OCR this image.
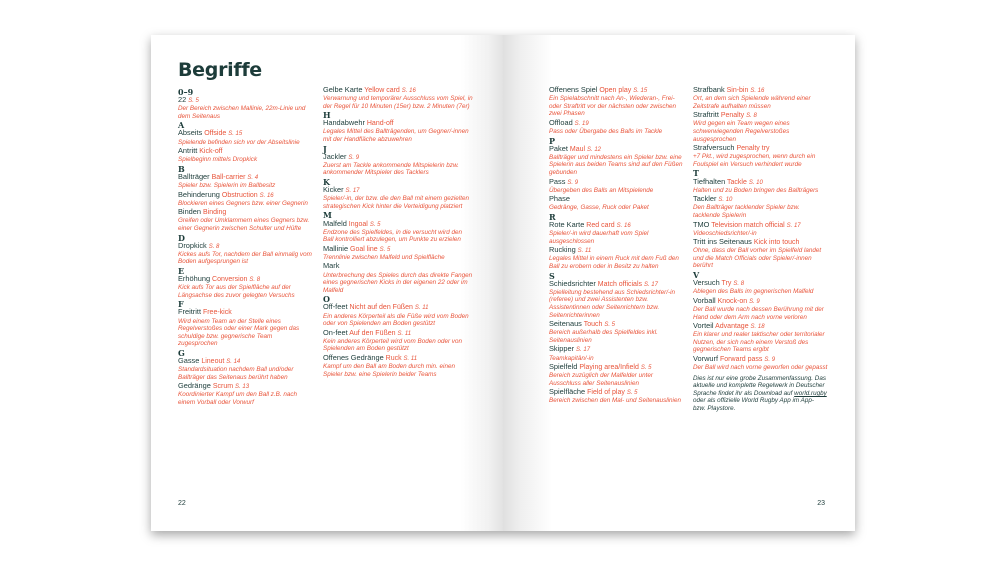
Begriffe
0–9
22 S. 5
Der Bereich zwischen Mallinie, 22m-Linie und dem Seitenaus
A
Abseits Offside S. 15
Spielende befinden sich vor der Abseitslinie
Antritt Kick-off
Spielbeginn mittels Dropkick
B
Ballträger Ball-carrier S. 4
Spieler bzw. Spielerin im Ballbesitz
Behinderung Obstruction S. 16
Blockieren eines Gegners bzw. einer Gegnerin
Binden Binding
Greifen oder Umklammern eines Gegners bzw. einer Gegnerin zwischen Schulter und Hüfte
D
Dropkick S. 8
Kickes aufs Tor, nachdem der Ball einmalig vom Boden aufgesprungen ist
E
Erhöhung Conversion S. 8
Kick aufs Tor aus der Spielfläche auf der Längsachse des zuvor gelegten Versuchs
F
Freitritt Free-kick
Wird einem Team an der Stelle eines Regelverstoßes oder einer Mark gegen das schuldige bzw. gegnerische Team zugesprochen
G
Gasse Lineout S. 14
Standardsituation nachdem Ball und/oder Ballträger das Seitenaus berührt haben
Gedränge Scrum S. 13
Koordinierter Kampf um den Ball z.B. nach einem Vorball oder Vorwurf
Gelbe Karte Yellow card S. 16
Verwarnung und temporärer Ausschluss vom Spiel, in der Regel für 10 Minuten (15er) bzw. 2 Minuten (7er)
H
Handabwehr Hand-off
Legales Mittel des Ballträgenden, um Gegner/-innen mit der Handfläche abzuwehren
J
Jackler S. 9
Zuerst am Tackle ankommende Mitspielerin bzw. ankommender Mitspieler des Tacklers
K
Kicker S. 17
Spieler/-in, der bzw. die den Ball mit einem gezielten strategischen Kick hinter die Verteidigung platziert
M
Malfeld Ingoal S. 5
Endzone des Spielfeldes, in die versucht wird den Ball kontrolliert abzulegen, um Punkte zu erzielen
Mallinie Goal line S. 5
Trennlinie zwischen Malfeld und Spielfläche
Mark
Unterbrechung des Spieles durch das direkte Fangen eines gegnerischen Kicks in der eigenen 22 oder im Malfeld
O
Off-feet Nicht auf den Füßen S. 11
Ein anderes Körperteil als die Füße wird vom Boden oder von Spielenden am Boden gestützt
On-feet Auf den Füßen S. 11
Kein anderes Körperteil wird vom Boden oder von Spielenden am Boden gestützt
Offenes Gedränge Ruck S. 11
Kampf um den Ball am Boden durch min. einen Spieler bzw. eine Spielerin beider Teams
22
Offenens Spiel Open play S. 15
Ein Spielabschnitt nach An-, Wiederan-, Frei- oder Straftritt vor der nächsten oder zwischen zwei Phasen
Offload S. 19
Pass oder Übergabe des Balls im Tackle
P
Paket Maul S. 12
Ballträger und mindestens ein Spieler bzw. eine Spielerin aus beiden Teams sind auf den Füßen gebunden
Pass S. 9
Übergeben des Balls an Mitspielende
Phase
Gedränge, Gasse, Ruck oder Paket
R
Rote Karte Red card S. 16
Spieler/-in wird dauerhaft vom Spiel ausgeschlossen
Rucking S. 11
Legales Mittel in einem Ruck mit dem Fuß den Ball zu erobern oder in Besitz zu halten
S
Schiedsrichter Match officials S. 17
Spielleitung bestehend aus Schiedsrichter/-in (referee) und zwei Assistenten bzw. Assistentinnen oder Seitenrichtern bzw. Seitenrichterinnen
Seitenaus Touch S. 5
Bereich außerhalb des Spielfeldes inkl. Seitenauslinien
Skipper S. 17
Teamkapitän/-in
Spielfeld Playing area/Infield S. 5
Bereich zuzüglich der Malfelder unter Ausschluss aller Seitenauslinien
Spielfläche Field of play S. 5
Bereich zwischen den Mal- und Seitenauslinien
Strafbank Sin-bin S. 16
Ort, an dem sich Spielende während einer Zeitstrafe aufhalten müssen
Straftritt Penalty S. 8
Wird gegen ein Team wegen eines schwerwiegenden Regelverstoßes ausgesprochen
Strafversuch Penalty try
+7 Pkt., wird zugesprochen, wenn durch ein Foulspiel ein Versuch verhindert wurde
T
Tiefhalten Tackle S. 10
Halten und zu Boden bringen des Ballträgers
Tackler S. 10
Den Ballträger tacklender Spieler bzw. tacklende Spielerin
TMO Television match official S. 17
Videoschiedsrichter/-in
Tritt ins Seitenaus Kick into touch
Ohne, dass der Ball vorher im Spielfeld landet und die Match Officials oder Spieler/-innen berührt
V
Versuch Try S. 8
Ablegen des Balls im gegnerischen Malfeld
Vorball Knock-on S. 9
Der Ball wurde nach dessen Berührung mit der Hand oder dem Arm nach vorne verloren
Vorteil Advantage S. 18
Ein klarer und realer taktischer oder territorialer Nutzen, der sich nach einem Verstoß des gegnerischen Teams ergibt
Vorwurf Forward pass S. 9
Der Ball wird nach vorne geworfen oder gepasst
Dies ist nur eine grobe Zusammenfassung. Das aktuelle und komplette Regelwerk in Deutscher Sprache findet ihr als Download auf world.rugby oder als offizielle World Rugby App im App- bzw. Playstore.
23
